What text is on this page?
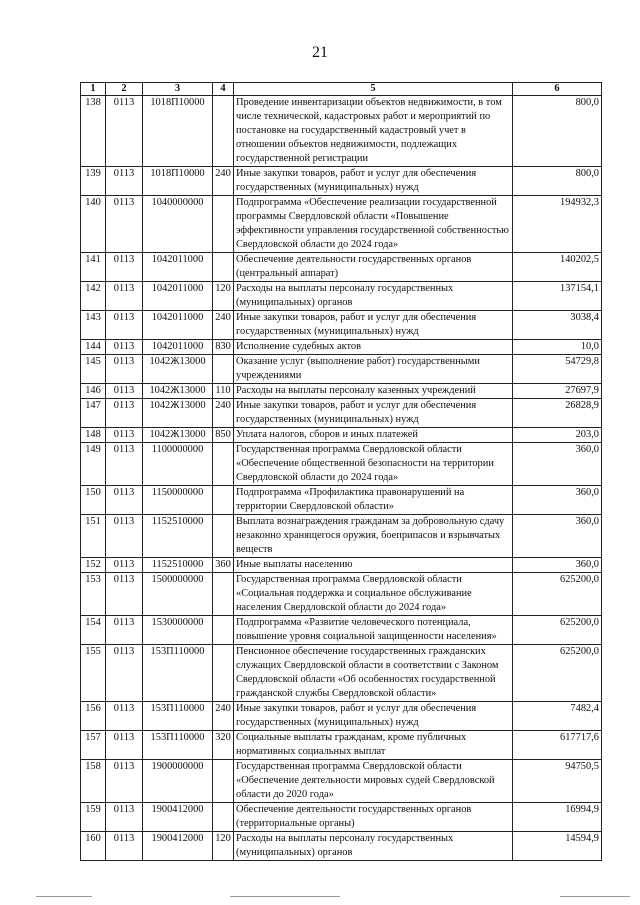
21
1	2	3	4	5	6
138	0113	1018П10000		Проведение инвентаризации объектов недвижимости, в том числе технической, кадастровых работ и мероприятий по постановке на государственный кадастровый учет в отношении объектов недвижимости, подлежащих государственной регистрации	800,0
139	0113	1018П10000	240	Иные закупки товаров, работ и услуг для обеспечения государственных (муниципальных) нужд	800,0
140	0113	1040000000		Подпрограмма «Обеспечение реализации государственной программы Свердловской области «Повышение эффективности управления государственной собственностью Свердловской области до 2024 года»	194932,3
141	0113	1042011000		Обеспечение деятельности государственных органов (центральный аппарат)	140202,5
142	0113	1042011000	120	Расходы на выплаты персоналу государственных (муниципальных) органов	137154,1
143	0113	1042011000	240	Иные закупки товаров, работ и услуг для обеспечения государственных (муниципальных) нужд	3038,4
144	0113	1042011000	830	Исполнение судебных актов	10,0
145	0113	1042Ж13000		Оказание услуг (выполнение работ) государственными учреждениями	54729,8
146	0113	1042Ж13000	110	Расходы на выплаты персоналу казенных учреждений	27697,9
147	0113	1042Ж13000	240	Иные закупки товаров, работ и услуг для обеспечения государственных (муниципальных) нужд	26828,9
148	0113	1042Ж13000	850	Уплата налогов, сборов и иных платежей	203,0
149	0113	1100000000		Государственная программа Свердловской области «Обеспечение общественной безопасности на территории Свердловской области до 2024 года»	360,0
150	0113	1150000000		Подпрограмма «Профилактика правонарушений на территории Свердловской области»	360,0
151	0113	1152510000		Выплата вознаграждения гражданам за добровольную сдачу незаконно хранящегося оружия, боеприпасов и взрывчатых веществ	360,0
152	0113	1152510000	360	Иные выплаты населению	360,0
153	0113	1500000000		Государственная программа Свердловской области «Социальная поддержка и социальное обслуживание населения Свердловской области до 2024 года»	625200,0
154	0113	1530000000		Подпрограмма «Развитие человеческого потенциала, повышение уровня социальной защищенности населения»	625200,0
155	0113	153П110000		Пенсионное обеспечение государственных гражданских служащих Свердловской области в соответствии с Законом Свердловской области «Об особенностях государственной гражданской службы Свердловской области»	625200,0
156	0113	153П110000	240	Иные закупки товаров, работ и услуг для обеспечения государственных (муниципальных) нужд	7482,4
157	0113	153П110000	320	Социальные выплаты гражданам, кроме публичных нормативных социальных выплат	617717,6
158	0113	1900000000		Государственная программа Свердловской области «Обеспечение деятельности мировых судей Свердловской области до 2020 года»	94750,5
159	0113	1900412000		Обеспечение деятельности государственных органов (территориальные органы)	16994,9
160	0113	1900412000	120	Расходы на выплаты персоналу государственных (муниципальных) органов	14594,9
